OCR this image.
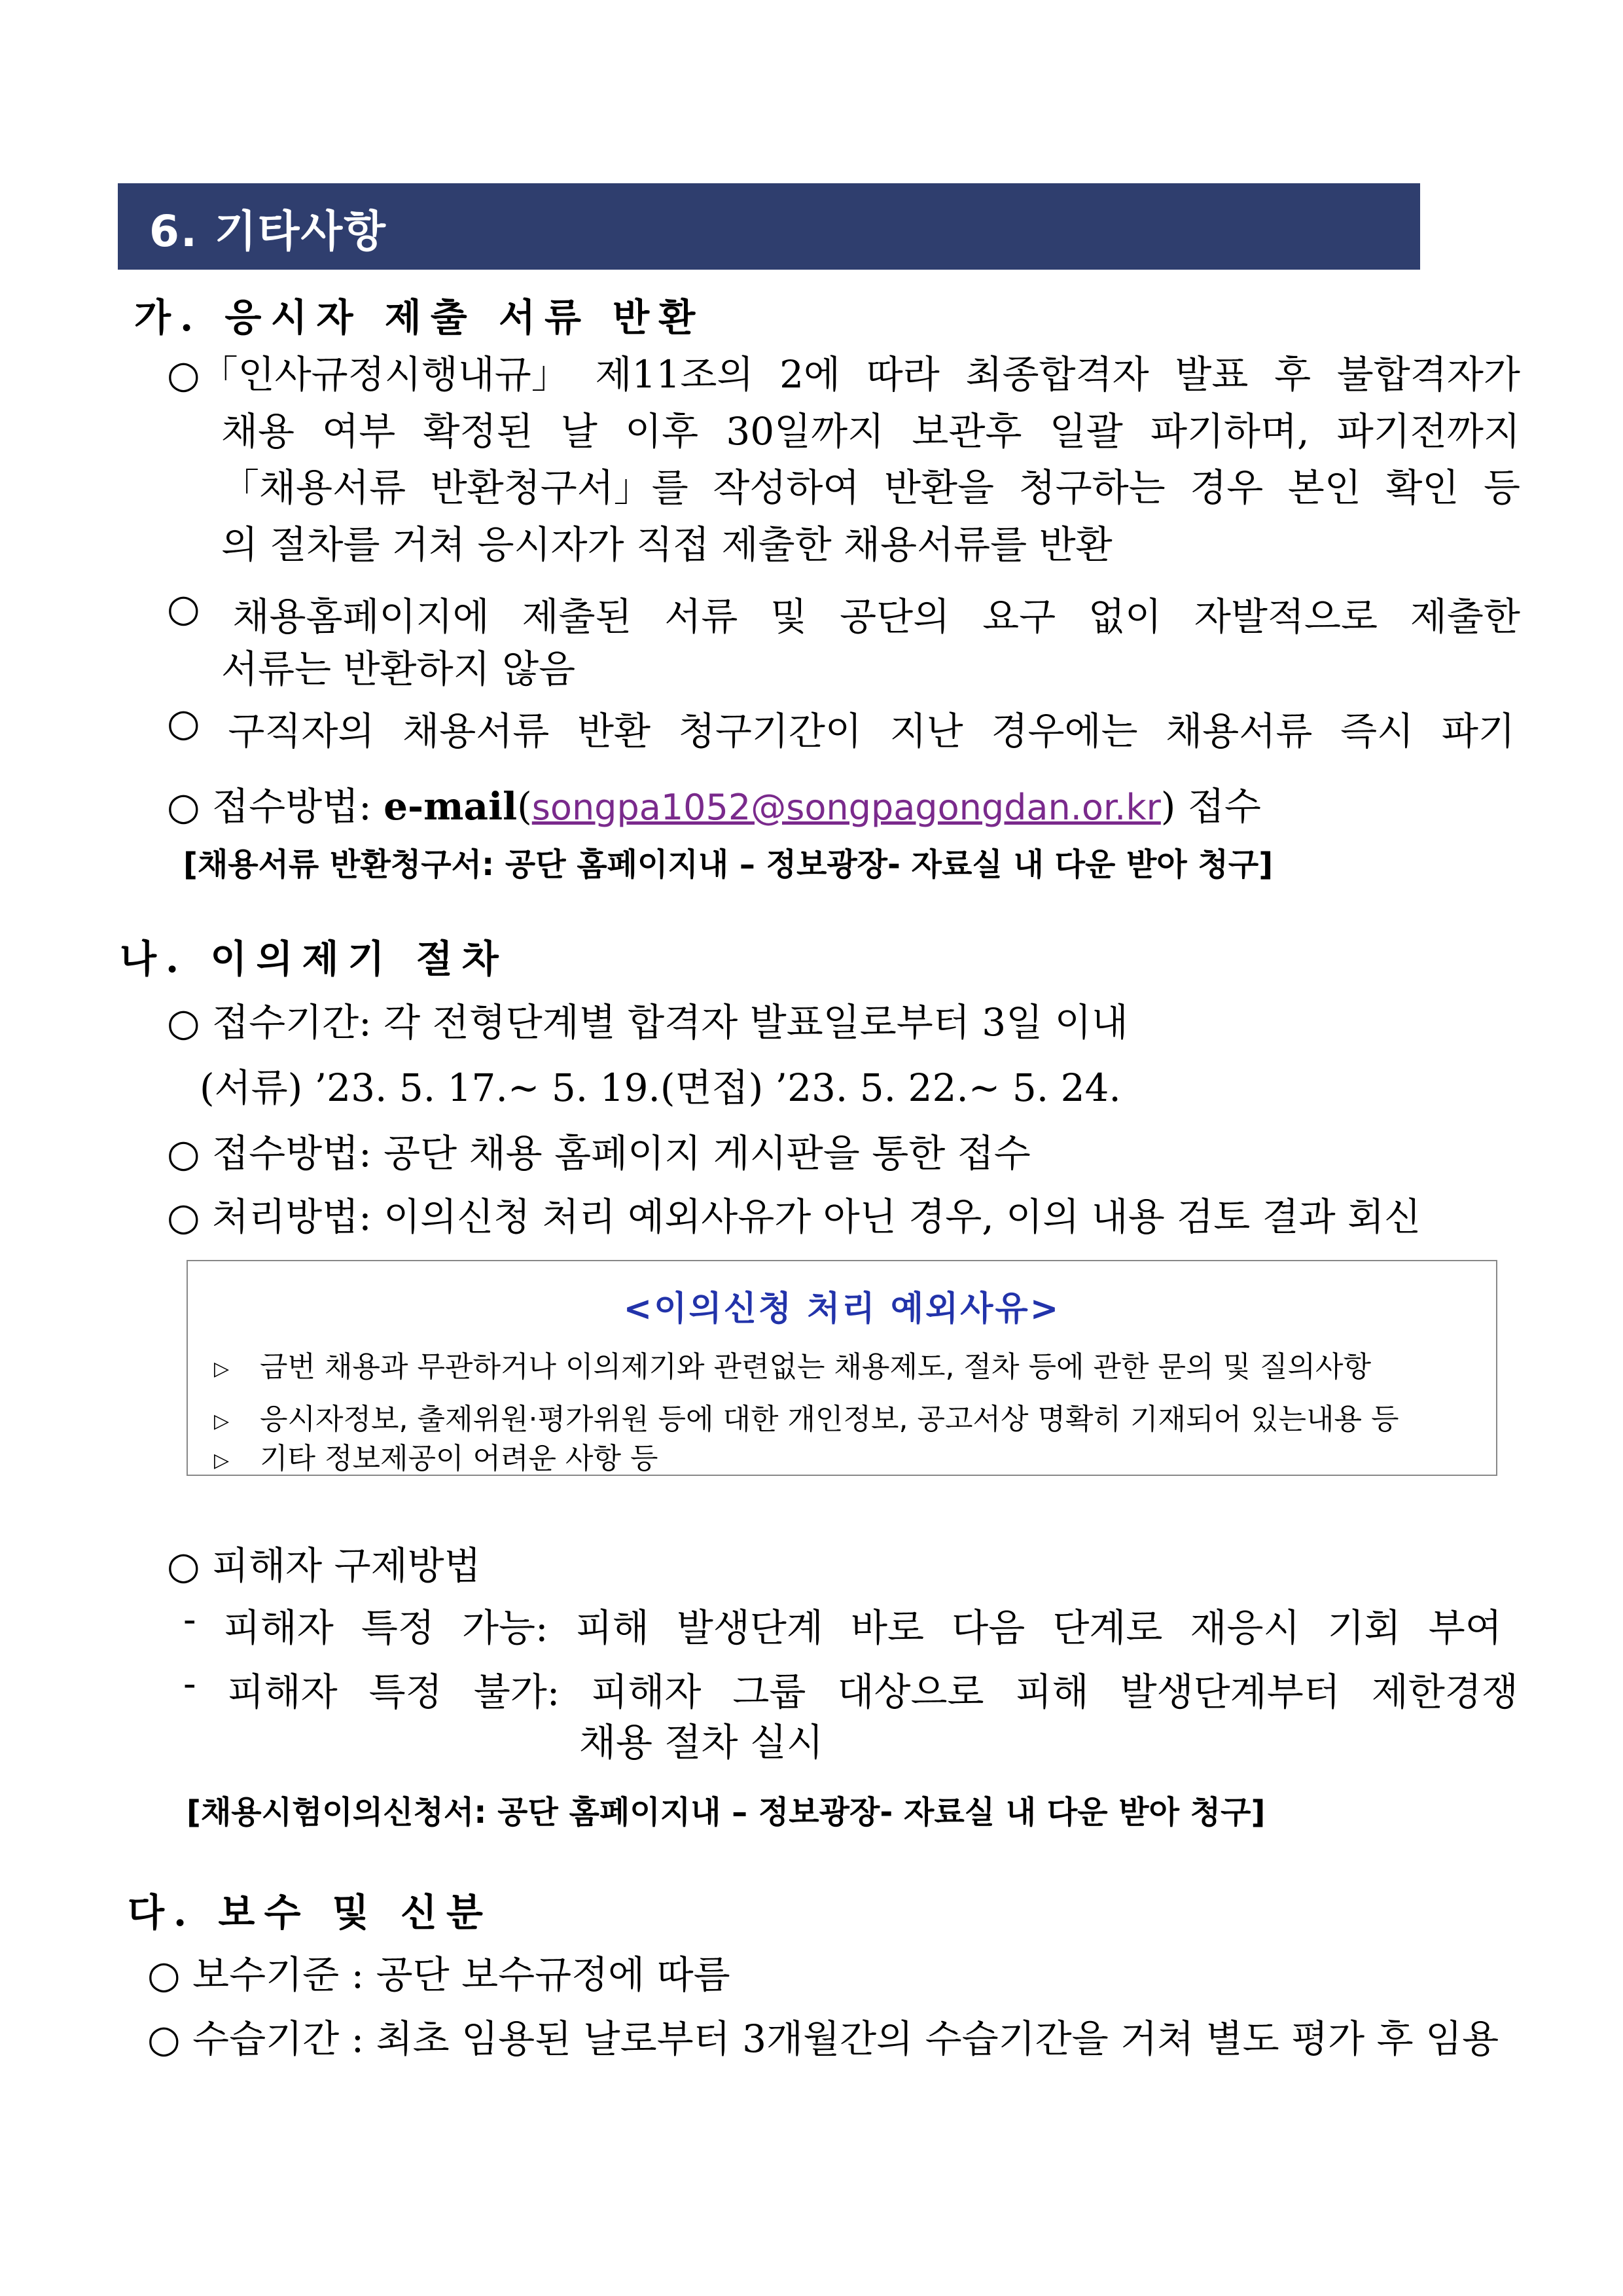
6. 기타사항
가. 응시자 제출 서류 반환
○「인사규정시행내규」 제11조의 2에 따라 최종합격자 발표 후 불합격자가
채용 여부 확정된 날 이후 30일까지 보관후 일괄 파기하며, 파기전까지
「채용서류 반환청구서」를 작성하여 반환을 청구하는 경우 본인 확인 등
의 절차를 거쳐 응시자가 직접 제출한 채용서류를 반환
○ 채용홈페이지에 제출된 서류 및 공단의 요구 없이 자발적으로 제출한
서류는 반환하지 않음
○ 구직자의 채용서류 반환 청구기간이 지난 경우에는 채용서류 즉시 파기
○ 접수방법: e-mail(songpa1052@songpagongdan.or.kr) 접수
[채용서류 반환청구서: 공단 홈페이지내 – 정보광장- 자료실 내 다운 받아 청구]
나. 이의제기 절차
○ 접수기간: 각 전형단계별 합격자 발표일로부터 3일 이내
(서류) ’23. 5. 17.~ 5. 19.(면접) ’23. 5. 22.~ 5. 24.
○ 접수방법: 공단 채용 홈페이지 게시판을 통한 접수
○ 처리방법: 이의신청 처리 예외사유가 아닌 경우, 이의 내용 검토 결과 회신
<이의신청 처리 예외사유>
▷ 금번 채용과 무관하거나 이의제기와 관련없는 채용제도, 절차 등에 관한 문의 및 질의사항
▷ 응시자정보, 출제위원·평가위원 등에 대한 개인정보, 공고서상 명확히 기재되어 있는내용 등
▷ 기타 정보제공이 어려운 사항 등
○ 피해자 구제방법
- 피해자 특정 가능: 피해 발생단계 바로 다음 단계로 재응시 기회 부여
- 피해자 특정 불가: 피해자 그룹 대상으로 피해 발생단계부터 제한경쟁
채용 절차 실시
[채용시험이의신청서: 공단 홈페이지내 – 정보광장- 자료실 내 다운 받아 청구]
다. 보수 및 신분
○ 보수기준 : 공단 보수규정에 따름
○ 수습기간 : 최초 임용된 날로부터 3개월간의 수습기간을 거쳐 별도 평가 후 임용
